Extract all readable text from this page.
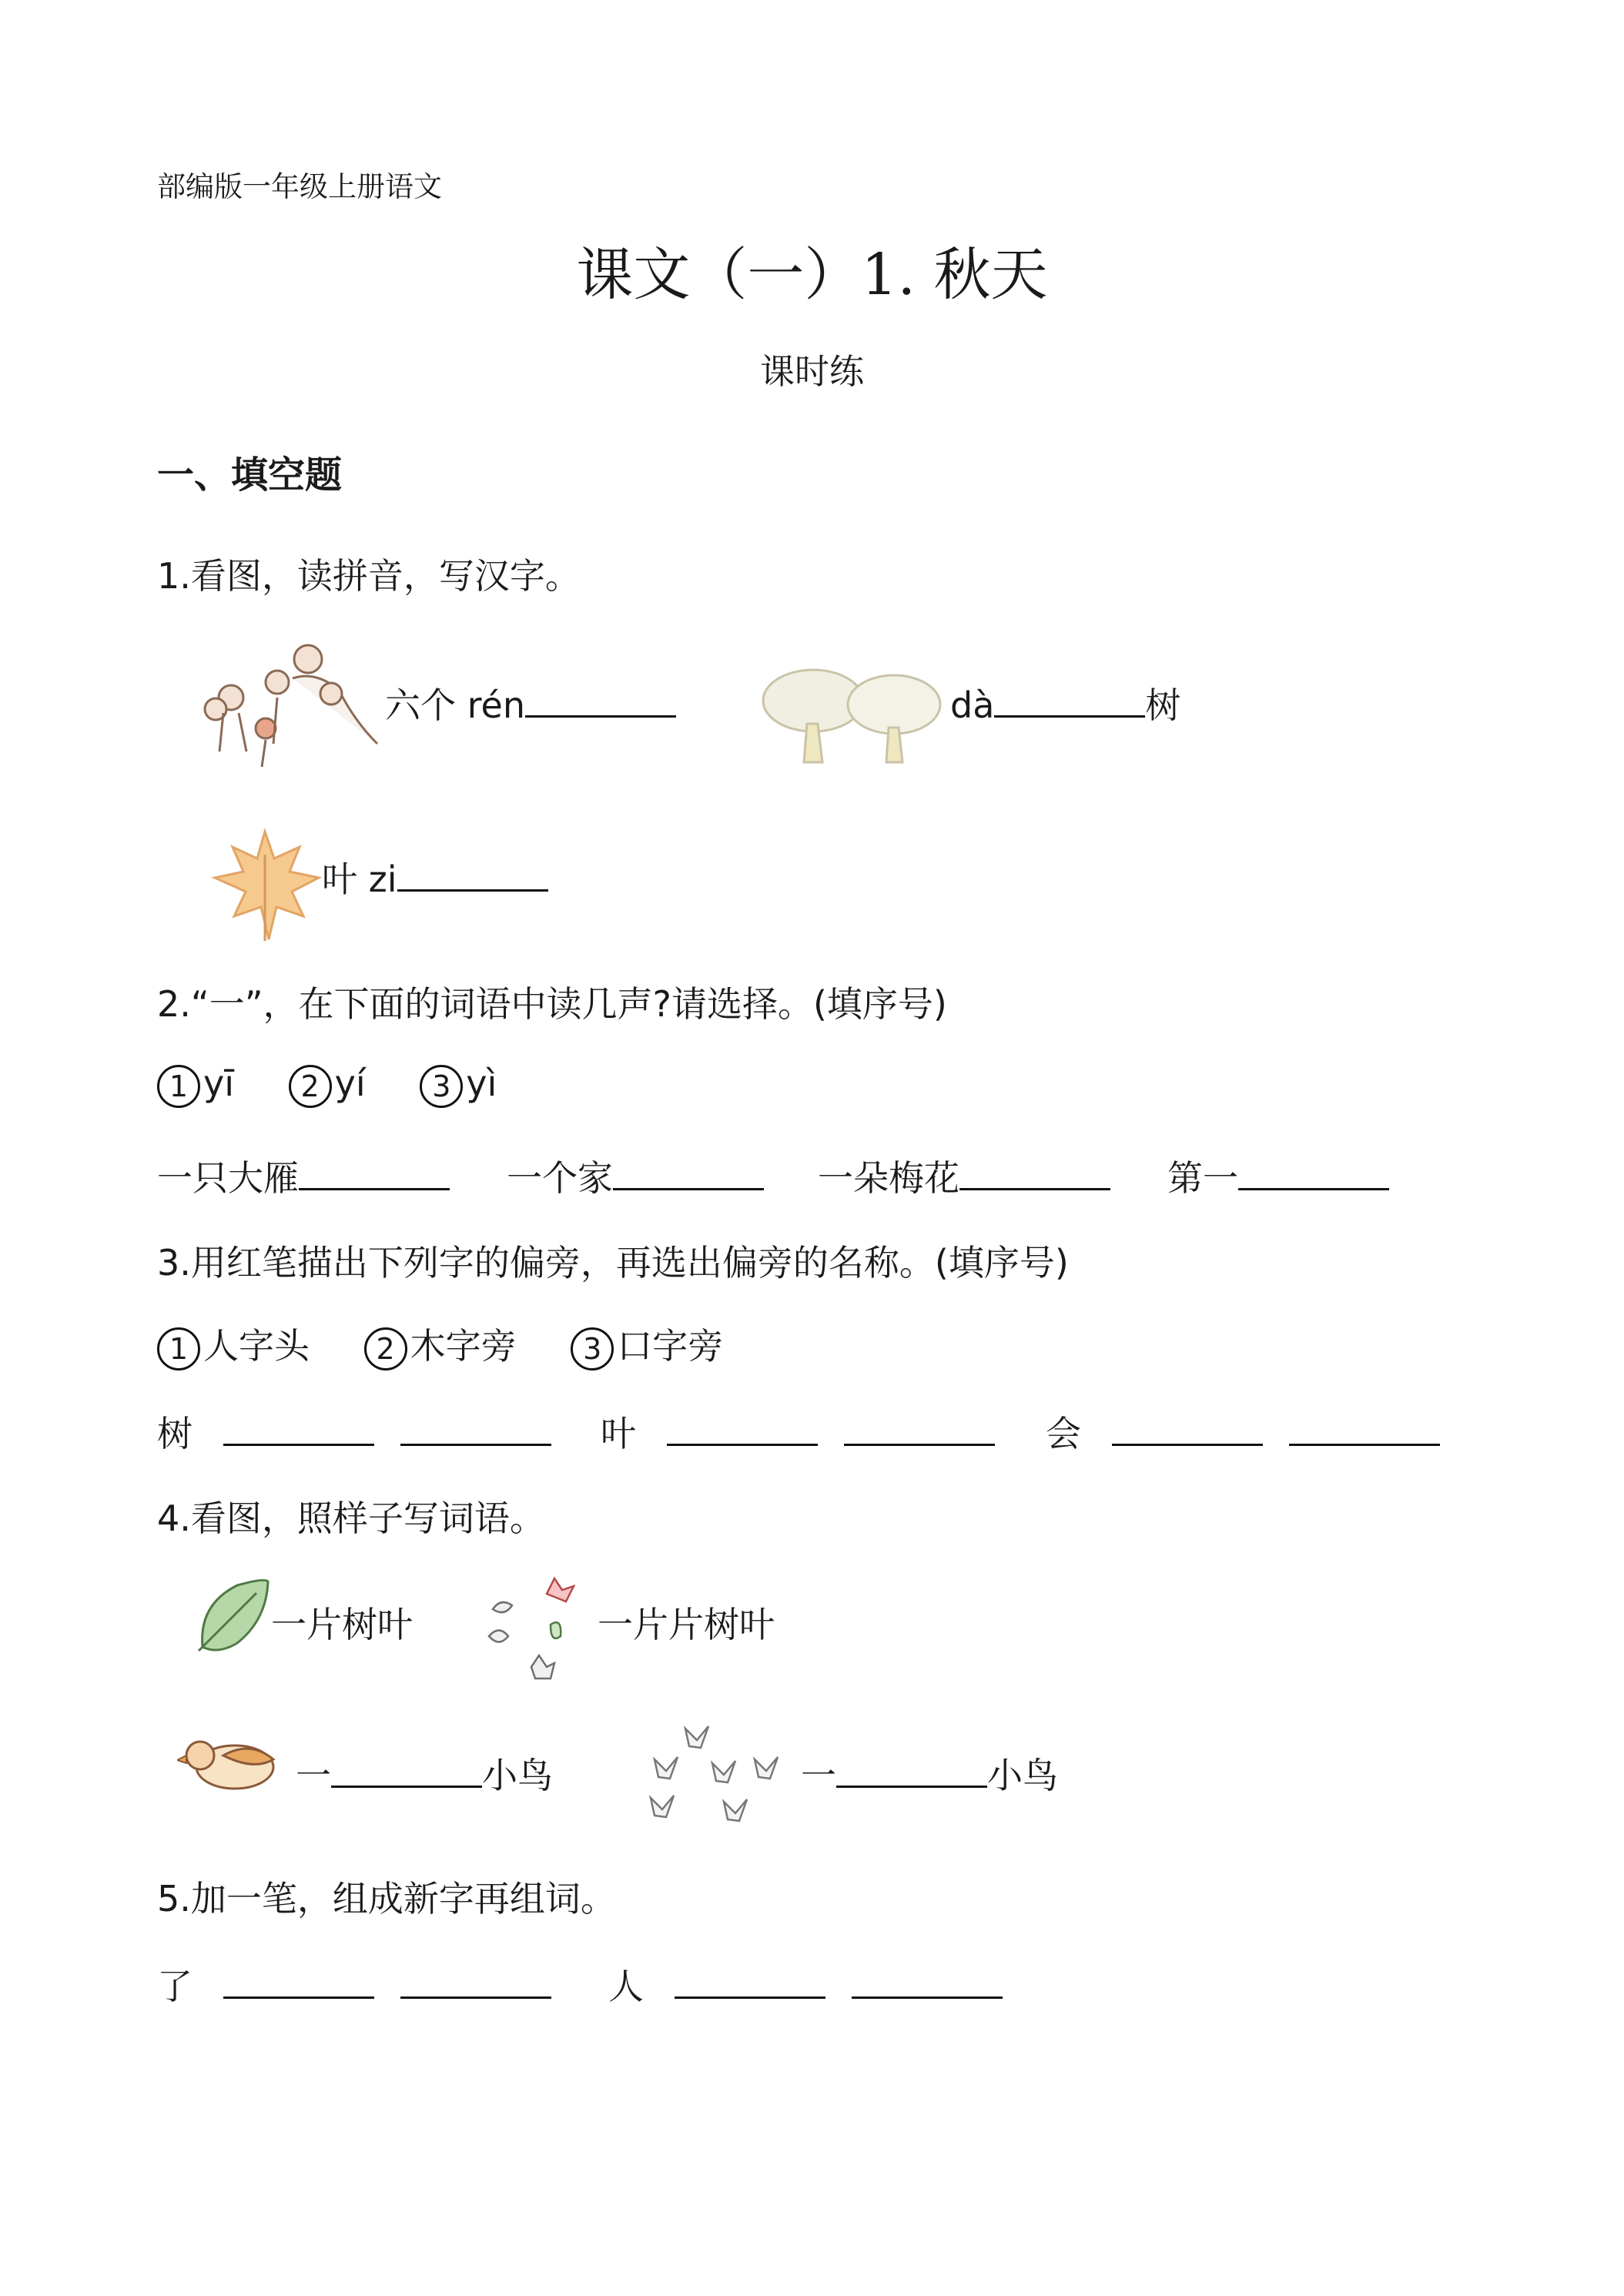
部编版一年级上册语文
课文（一）1. 秋天
课时练
一、填空题
1.看图，读拼音，写汉字。
六个 rén	dà	树
叶 zi
2.“一”，在下面的词语中读几声?请选择。(填序号)
1 yī 2 yí 3 yì
一只大雁	一个家	一朵梅花	第一
3.用红笔描出下列字的偏旁，再选出偏旁的名称。(填序号)
1 人字头 2 木字旁 3 口字旁
树	叶	会
4.看图，照样子写词语。
一片树叶	一片片树叶
一	小鸟	一	小鸟
5.加一笔，组成新字再组词。
了	人
